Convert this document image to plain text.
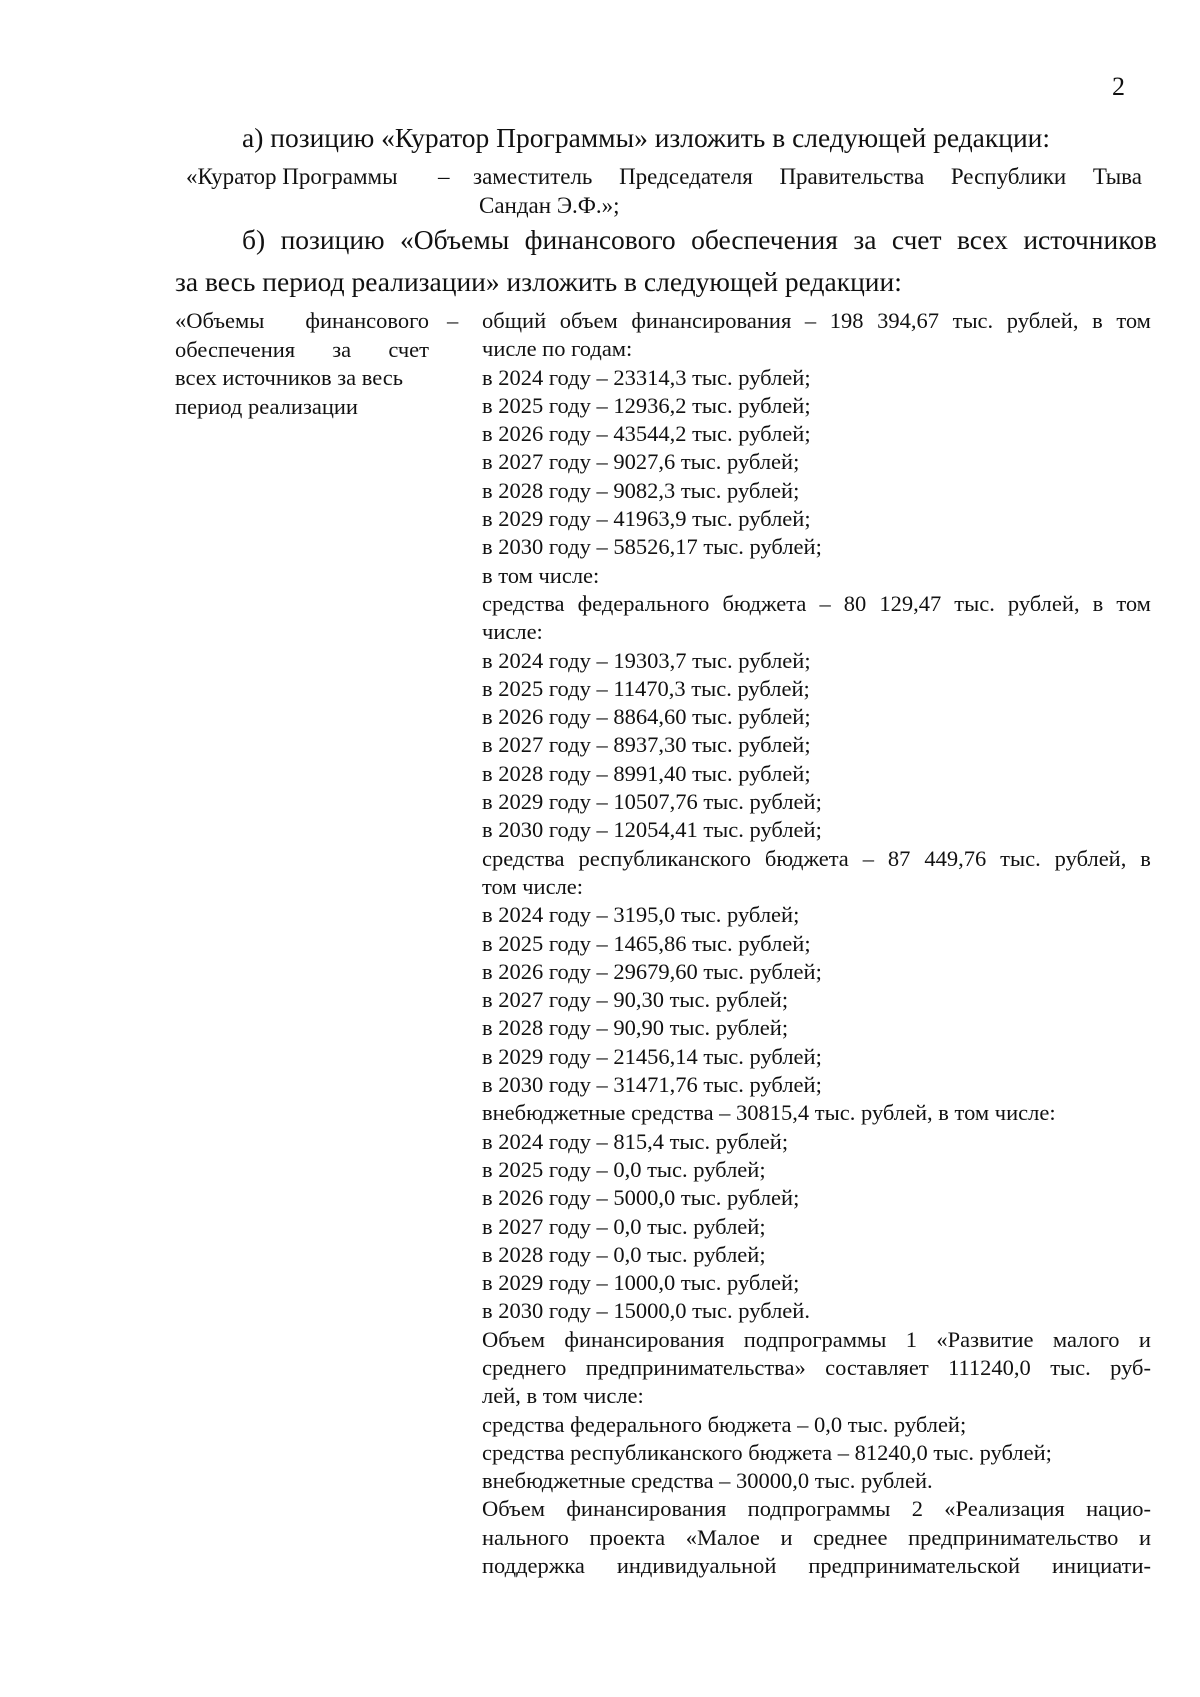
2
а) позицию «Куратор Программы» изложить в следующей редакции:
«Куратор Программы – заместитель Председателя Правительства Республики Тыва
Сандан Э.Ф.»;
б) позицию «Объемы финансового обеспечения за счет всех источников
за весь период реализации» изложить в следующей редакции:
«Объемы финансового
обеспечения за счет
всех источников за весь
период реализации
– общий объем финансирования – 198 394,67 тыс. рублей, в том
числе по годам:
в 2024 году – 23314,3 тыс. рублей;
в 2025 году – 12936,2 тыс. рублей;
в 2026 году – 43544,2 тыс. рублей;
в 2027 году – 9027,6 тыс. рублей;
в 2028 году – 9082,3 тыс. рублей;
в 2029 году – 41963,9 тыс. рублей;
в 2030 году – 58526,17 тыс. рублей;
в том числе:
средства федерального бюджета – 80 129,47 тыс. рублей, в том
числе:
в 2024 году – 19303,7 тыс. рублей;
в 2025 году – 11470,3 тыс. рублей;
в 2026 году – 8864,60 тыс. рублей;
в 2027 году – 8937,30 тыс. рублей;
в 2028 году – 8991,40 тыс. рублей;
в 2029 году – 10507,76 тыс. рублей;
в 2030 году – 12054,41 тыс. рублей;
средства республиканского бюджета – 87 449,76 тыс. рублей, в
том числе:
в 2024 году – 3195,0 тыс. рублей;
в 2025 году – 1465,86 тыс. рублей;
в 2026 году – 29679,60 тыс. рублей;
в 2027 году – 90,30 тыс. рублей;
в 2028 году – 90,90 тыс. рублей;
в 2029 году – 21456,14 тыс. рублей;
в 2030 году – 31471,76 тыс. рублей;
внебюджетные средства – 30815,4 тыс. рублей, в том числе:
в 2024 году – 815,4 тыс. рублей;
в 2025 году – 0,0 тыс. рублей;
в 2026 году – 5000,0 тыс. рублей;
в 2027 году – 0,0 тыс. рублей;
в 2028 году – 0,0 тыс. рублей;
в 2029 году – 1000,0 тыс. рублей;
в 2030 году – 15000,0 тыс. рублей.
Объем финансирования подпрограммы 1 «Развитие малого и
среднего предпринимательства» составляет 111240,0 тыс. руб-
лей, в том числе:
средства федерального бюджета – 0,0 тыс. рублей;
средства республиканского бюджета – 81240,0 тыс. рублей;
внебюджетные средства – 30000,0 тыс. рублей.
Объем финансирования подпрограммы 2 «Реализация нацио-
нального проекта «Малое и среднее предпринимательство и
поддержка индивидуальной предпринимательской инициати-
